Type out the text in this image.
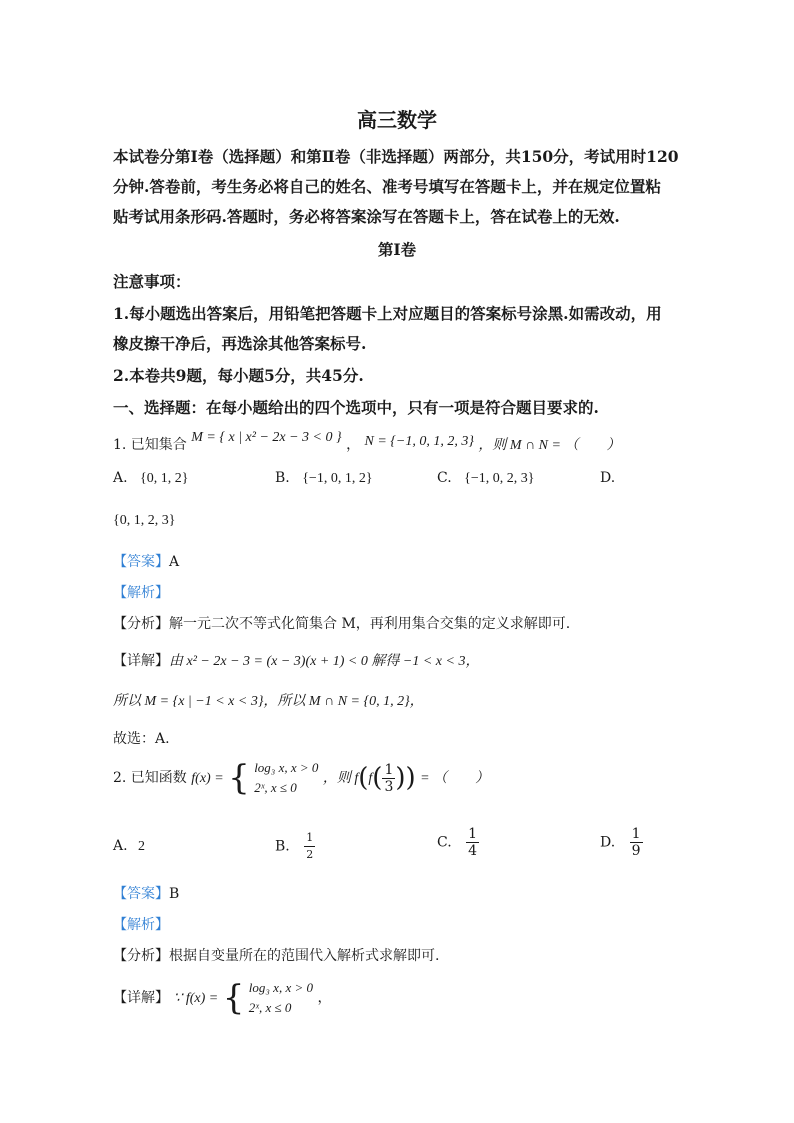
高三数学
本试卷分第Ⅰ卷（选择题）和第Ⅱ卷（非选择题）两部分，共150分，考试用时120
分钟.答卷前，考生务必将自己的姓名、准考号填写在答题卡上，并在规定位置粘
贴考试用条形码.答题时，务必将答案涂写在答题卡上，答在试卷上的无效.
第Ⅰ卷
注意事项：
1.每小题选出答案后，用铅笔把答题卡上对应题目的答案标号涂黑.如需改动，用
橡皮擦干净后，再选涂其他答案标号.
2.本卷共9题，每小题5分，共45分.
一、选择题：在每小题给出的四个选项中，只有一项是符合题目要求的.
1. 已知集合 M = { x | x² − 2x − 3 < 0 } ， N = {−1, 0, 1, 2, 3} ，则 M ∩ N = （　　）
A. {0, 1, 2}	B. {−1, 0, 1, 2}	C. {−1, 0, 2, 3}	D.
{0, 1, 2, 3}
【答案】A
【解析】
【分析】解一元二次不等式化简集合 M，再利用集合交集的定义求解即可.
【详解】由 x² − 2x − 3 = (x − 3)(x + 1) < 0 解得 −1 < x < 3，
所以 M = {x | −1 < x < 3}，所以 M ∩ N = {0, 1, 2}，
故选：A.
2. 已知函数 f(x) = { log₃ x, x > 0
2ˣ, x ≤ 0
，则 $f(f( \frac{1}{3}$ )) = （　　）
A. 2	B. $\frac{1}{2}$	C. $\frac{1}{4}$	D. $\frac{1}{9}$
【答案】B
【解析】
【分析】根据自变量所在的范围代入解析式求解即可.
【详解】 ∵ f(x) = { log₃ x, x > 0
2ˣ, x ≤ 0
，
